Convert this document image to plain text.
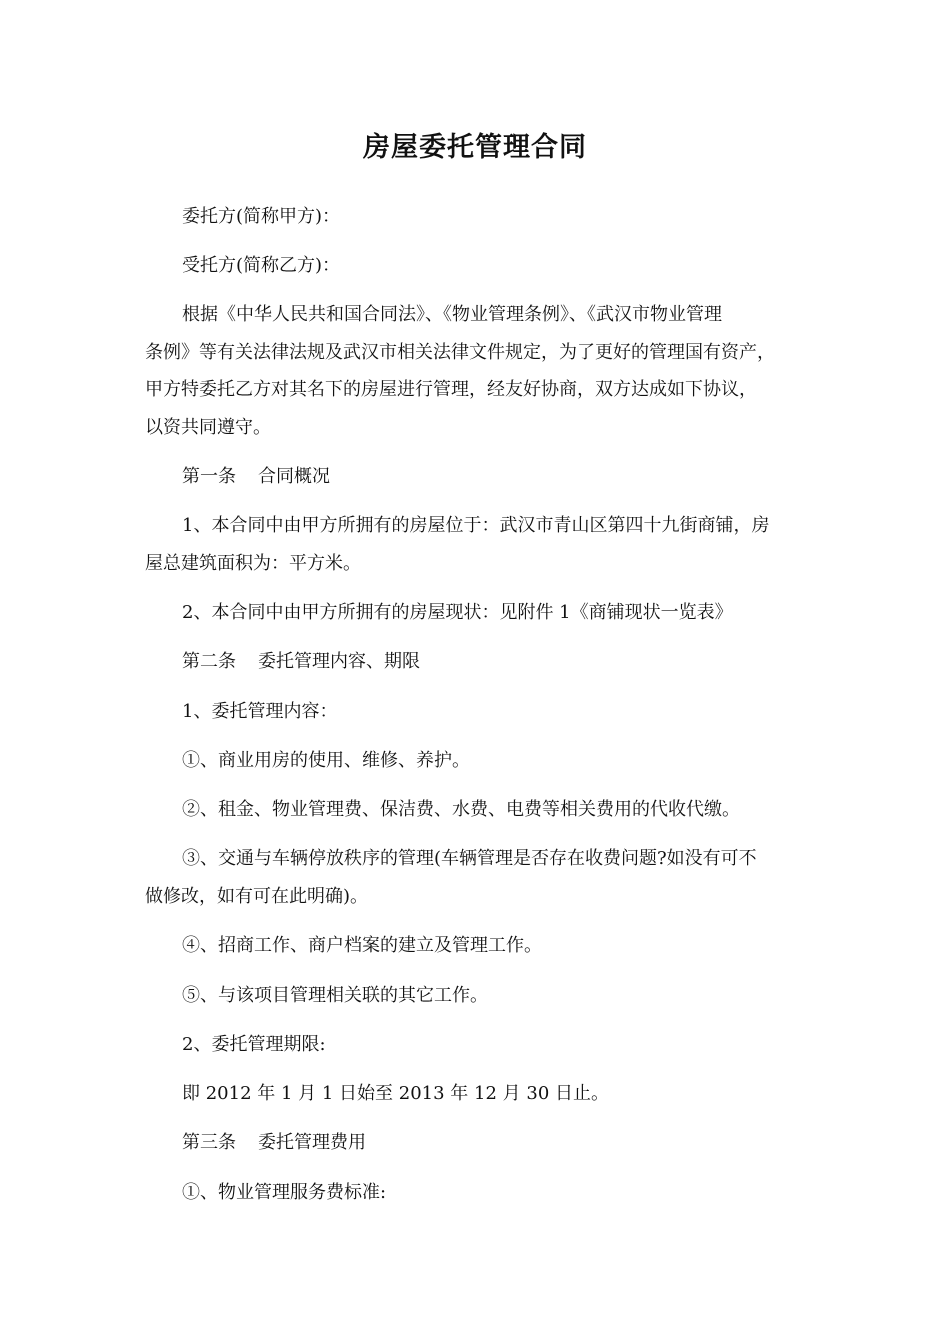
房屋委托管理合同
委托方(简称甲方)：
受托方(简称乙方)：
根据《中华人民共和国合同法》、《物业管理条例》、《武汉市物业管理
条例》等有关法律法规及武汉市相关法律文件规定，为了更好的管理国有资产，
甲方特委托乙方对其名下的房屋进行管理，经友好协商，双方达成如下协议，
以资共同遵守。
第一条 合同概况
1、本合同中由甲方所拥有的房屋位于：武汉市青山区第四十九街商铺，房
屋总建筑面积为：平方米。
2、本合同中由甲方所拥有的房屋现状：见附件 1《商铺现状一览表》
第二条 委托管理内容、期限
1、委托管理内容：
①、商业用房的使用、维修、养护。
②、租金、物业管理费、保洁费、水费、电费等相关费用的代收代缴。
③、交通与车辆停放秩序的管理(车辆管理是否存在收费问题?如没有可不
做修改，如有可在此明确)。
④、招商工作、商户档案的建立及管理工作。
⑤、与该项目管理相关联的其它工作。
2、委托管理期限:
即 2012 年 1 月 1 日始至 2013 年 12 月 30 日止。
第三条 委托管理费用
①、物业管理服务费标准:
